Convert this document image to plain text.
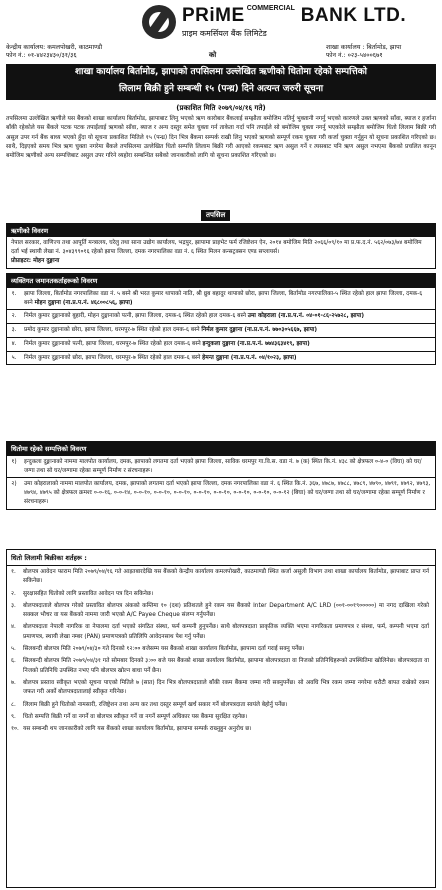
PRiME $^{COMMERCIAL}$ BANK LTD.
प्राइम कमर्सियल बैंक लिमिटेड
केन्द्रीय कार्यालय: कमलपोखरी, काठमाण्डौ
फोन नं.: ०१-४४२३४३०/३१/३६	को
शाखा कार्यालय : बिर्तामोड, झापा
फोन नं.: ०२३-५४००६७१
शाखा कार्यालय बिर्तामोड, झापाको तपसिलमा उल्लेखित ऋणीको धितोमा रहेको सम्पत्तिको
लिलाम बिक्री हुने सम्बन्धी १५ (पन्ध्र) दिने अत्यन्त जरुरी सूचना
(प्रकाशित मिति २०७९/०४/१६ गते)
तपसिलमा उल्लेखित ऋणीले यस बैंकको शाखा कार्यालय बिर्तामोड, झापाबाट लिनु भएको ऋण कारोबार बैंकलाई सम्झौता बमोजिम नतिर्नु भुक्तानी नगर्नु भएको कारणले उक्त ऋणको साँवा, ब्याज र हर्जाना बाँकी रहेकोले यस बैंकले पटक पटक तपाईंलाई ऋणको साँवा, ब्याज र अन्य दस्तुर समेत चुक्ता गर्न ताकेता गर्दा पनि तपाईंले सो बमोजिम चुक्ता नगर्नु भएकोले सम्झौता बमोजिम धितो लिलाम बिक्री गरी असुल उपर गर्न बैंक बाध्य भएको हुँदा यो सूचना प्रकाशित मितिले १५ (पन्ध्र) दिन भित्र बैंकमा सम्पर्क राखी लिनु भएको ऋणको सम्पूर्ण रकम चुक्ता गरी कर्जा चुक्ता गर्नुहुन यो सूचना प्रकाशित गरिएको छ। साथै, दिइएको समय भित्र ऋण चुक्ता नगरेमा बैंकले तपसिलमा उल्लेखित धितो सम्पत्ति लिलाम बिक्री गरी आएको रकमबाट ऋण असुल गर्ने र त्यसबाट पनि ऋण असुल नभएमा बैंकको प्रचलित कानून बमोजिम ऋणीको अन्य सम्पत्तिबाट असुल उपर गरिने व्यहोरा सम्बन्धित सबैको जानकारीको लागि यो सूचना प्रकाशित गरिएको छ।
तपसिल
ऋणीको विवरण

नेपाल सरकार, वाणिज्य तथा आपूर्ति मन्त्रालय, घरेलु तथा साना उद्योग कार्यालय, भद्रपुर, झापामा प्राइभेट फर्म रजिष्टेशन ऐन, २०१४ बमोजिम मिति २०६६/०९/१० मा प्र.फ.द.नं. ५६२/०७३/७४ बमोजिम दर्ता भई स्थायी लेखा नं. ३०४३९९०१६ रहेको झापा जिल्ला, दमक नगरपालिका वडा नं. ६ स्थित मिलन कन्सट्रक्सन एण्ड सप्लायर्स।

प्रोप्राइटर: मोहन दुङ्गाना

व्यक्तिगत जमानतकर्ताहरूको विवरण
१.	झापा जिल्ला, बिर्तामोड नगरपालिका वडा नं. ५ बस्ने श्री भरत कुमार थापाको नाति, श्री ध्रुब बहादुर थापाको छोरा, झापा जिल्ला, बिर्तामोड नगरपालिका-५ स्थित रहेको हाल झापा जिल्ला, दमक-६ बस्ने मोहन दुङ्गाना (ना.प्र.प.नं. ४६८००८५६, झापा)
२.	निर्मल कुमार दुङ्गानाको बुहारी, मोहन दुङ्गानाको पत्नी, झापा जिल्ला, दमक-६ स्थित रहेको हाल दमक-६ बस्ने उमा कोइराला (ना.प्र.प.नं. ०४-०१-८६-२५७२८, झापा)
३.	प्रमोद कुमार दुङ्गानाको छोरा, झापा जिल्ला, धरमपुर-७ स्थित रहेको हाल दमक-६ बस्ने निर्मल कुमार दुङ्गाना (ना.प्र.प.नं. ७७०३०५६६७, झापा)
४.	निर्मल कुमार दुङ्गानाको पत्नी, झापा जिल्ला, धरमपुर-७ स्थित रहेको हाल दमक-६ बस्ने इन्दुकला दुङ्गाना (ना.प्र.प.नं. ७७४३६३४१९, झापा)
५.	निर्मल कुमार दुङ्गानाको छोरा, झापा जिल्ला, धरमपुर-७ स्थित रहेको हाल दमक-६ बस्ने हेमन्त दुङ्गाना (ना.प्र.प.नं. ०४/१०२३, झापा)
धितोमा रहेको सम्पत्तिको विवरण
१)	इन्दुकला दुङ्गानाको नाममा मालपोत कार्यालय, दमक, झापाको लगतमा दर्ता भएको झापा जिल्ला, साविक धरमपुर गा.वि.स. वडा नं. ७ (क) स्थित कि.नं. ४३८ को क्षेत्रफल ०-४-० (विघा) को घर/जग्गा तथा सो घर/जग्गामा रहेका सम्पूर्ण निर्माण र संरचनाहरू।
२)	उमा कोइरालाको नाममा मालपोत कार्यालय, दमक, झापाको लगतमा दर्ता भएको झापा जिल्ला, दमक नगरपालिका वडा नं. ६ स्थित कि.नं. ३६७, ४७८७, ४७८८, ४७८९, ४७९०, ४७९१, ४७९२, ४७९३, ४७९४, ४७९५ को क्षेत्रफल क्रमशः ०-०-१६, ०-०-१४, ०-०-१०, ०-०-१०, ०-०-१०, ०-०-१०, ०-०-१०, ०-०-१०, ०-०-१०, ०-०-१२ (बिघा) को घर/जग्गा तथा सो घर/जग्गामा रहेका सम्पूर्ण निर्माण र संरचनाहरू।
धितो लिलामी बिक्रीका शर्तहरू :
१.	बोलपत्र आवेदन फाराम मिति २०७९/०४/१६ गते आइतबारदेखि यस बैंकको केन्द्रीय कार्यालय कमलपोखरी, काठमाण्डौ स्थित कर्जा असुली विभाग तथा शाखा कार्यालय बिर्तामोड, झापाबाट प्राप्त गर्न सकिनेछ।
२.	सुरक्षासहित धितोको लागि प्रस्तावित आवेदन पत्र दिन सकिनेछ।
३.	बोलपत्रदाताले बोलपत्र गरेको प्रस्तावित बोलपत्र अंकको कम्तिमा १० (दश) प्रतिशतले हुने रकम यस बैंकको Inter Department A/C LRD (००१-००१९०००००) मा नगद दाखिला गरेको सक्कल भौचर वा यस बैंकको नाममा जारी भएको A/C Payee Cheque संलग्न गर्नुपर्नेछ।
४.	बोलपत्रदाता नेपाली नागरिक वा नेपालमा दर्ता भएको संगठित संस्था, फर्म कम्पनी हुनुपर्नेछ। साथै बोलपत्रदाता प्राकृतिक व्यक्ति भएमा नागरिकता प्रमाणपत्र र संस्था, फर्म, कम्पनी भएमा दर्ता प्रमाणपत्र, स्थायी लेखा नम्बर (PAN) प्रमाणपत्रको प्रतिलिपि आवेदनसाथ पेश गर्नु पर्नेछ।
५.	सिलबन्दी बोलपत्र मिति २०७९/०४/३० गते दिनको १२:०० बजेसम्म यस बैंकको शाखा कार्यालय बिर्तामोड, झापामा दर्ता गराई सक्नु पर्नेछ।
६.	सिलबन्दी बोलपत्र मिति २०७९/०४/३१ गते सोमबार दिनको ३:०० बजे यस बैंकको शाखा कार्यालय बिर्तामोड, झापामा बोलपत्रदाता वा निजको प्रतिनिधिहरूको उपस्थितिमा खोलिनेछ। बोलपत्रदाता वा निजको प्रतिनिधि उपस्थित नभए पनि बोलपत्र खोल्न बाधा पर्ने छैन।
७.	बोलपत्र प्रस्ताव स्वीकृत भएको सूचना पाएको मितिले ७ (सात) दिन भित्र बोलपत्रदाताले बाँकी रकम बैंकमा जम्मा गरी सक्नुपर्नेछ। सो अवधि भित्र रकम जम्मा नगरेमा धरौटी बापत राखेको रकम जफत गरी अर्को बोलपत्रदातालाई स्वीकृत गरिनेछ।
८.	लिलाम बिक्री हुने धितोको नामसारी, रजिष्ट्रेशन तथा अन्य कर तथा दस्तुर सम्पूर्ण खर्च सकार गर्ने बोलपत्रदाता स्वयंले बेहोर्नु पर्नेछ।
९.	धितो सम्पत्ति बिक्री गर्ने वा नगर्ने वा बोलपत्र स्वीकृत गर्ने वा नगर्ने सम्पूर्ण अधिकार यस बैंकमा सुरक्षित रहनेछ।
१०. यस सम्बन्धी थप जानकारीको लागि यस बैंकको शाखा कार्यालय बिर्तामोड, झापामा सम्पर्क राख्नुहुन अनुरोध छ।
